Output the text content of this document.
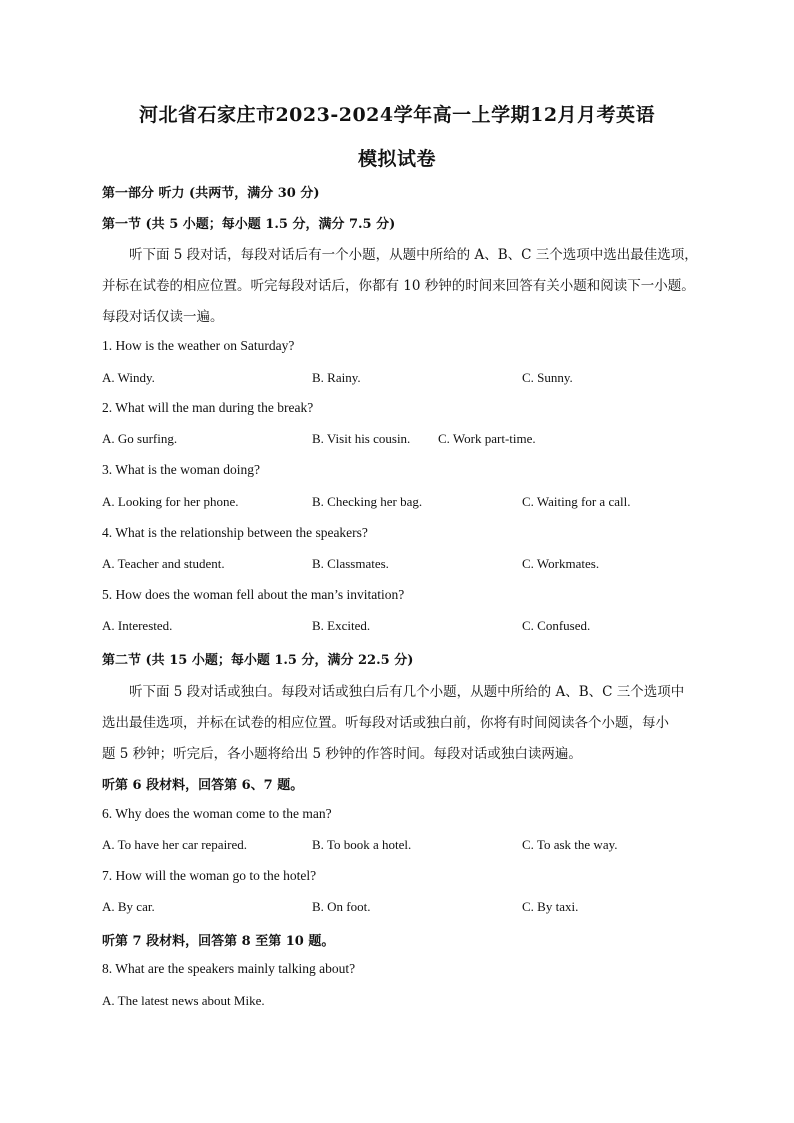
河北省石家庄市2023-2024学年高一上学期12月月考英语
模拟试卷
第一部分 听力 (共两节，满分 30 分)
第一节 (共 5 小题；每小题 1.5 分，满分 7.5 分)
听下面 5 段对话，每段对话后有一个小题，从题中所给的 A、B、C 三个选项中选出最佳选项，
并标在试卷的相应位置。听完每段对话后，你都有 10 秒钟的时间来回答有关小题和阅读下一小题。
每段对话仅读一遍。
1. How is the weather on Saturday?
A. Windy.	B. Rainy.	C. Sunny.
2. What will the man during the break?
A. Go surfing.	B. Visit his cousin. C. Work part-time.
3. What is the woman doing?
A. Looking for her phone.	B. Checking her bag.	C. Waiting for a call.
4. What is the relationship between the speakers?
A. Teacher and student.	B. Classmates.	C. Workmates.
5. How does the woman fell about the man’s invitation?
A. Interested.	B. Excited.	C. Confused.
第二节 (共 15 小题；每小题 1.5 分，满分 22.5 分)
听下面 5 段对话或独白。每段对话或独白后有几个小题，从题中所给的 A、B、C 三个选项中
选出最佳选项，并标在试卷的相应位置。听每段对话或独白前，你将有时间阅读各个小题，每小
题 5 秒钟；听完后，各小题将给出 5 秒钟的作答时间。每段对话或独白读两遍。
听第 6 段材料，回答第 6、7 题。
6. Why does the woman come to the man?
A. To have her car repaired.	B. To book a hotel.	C. To ask the way.
7. How will the woman go to the hotel?
A. By car.	B. On foot.	C. By taxi.
听第 7 段材料，回答第 8 至第 10 题。
8. What are the speakers mainly talking about?
A. The latest news about Mike.
